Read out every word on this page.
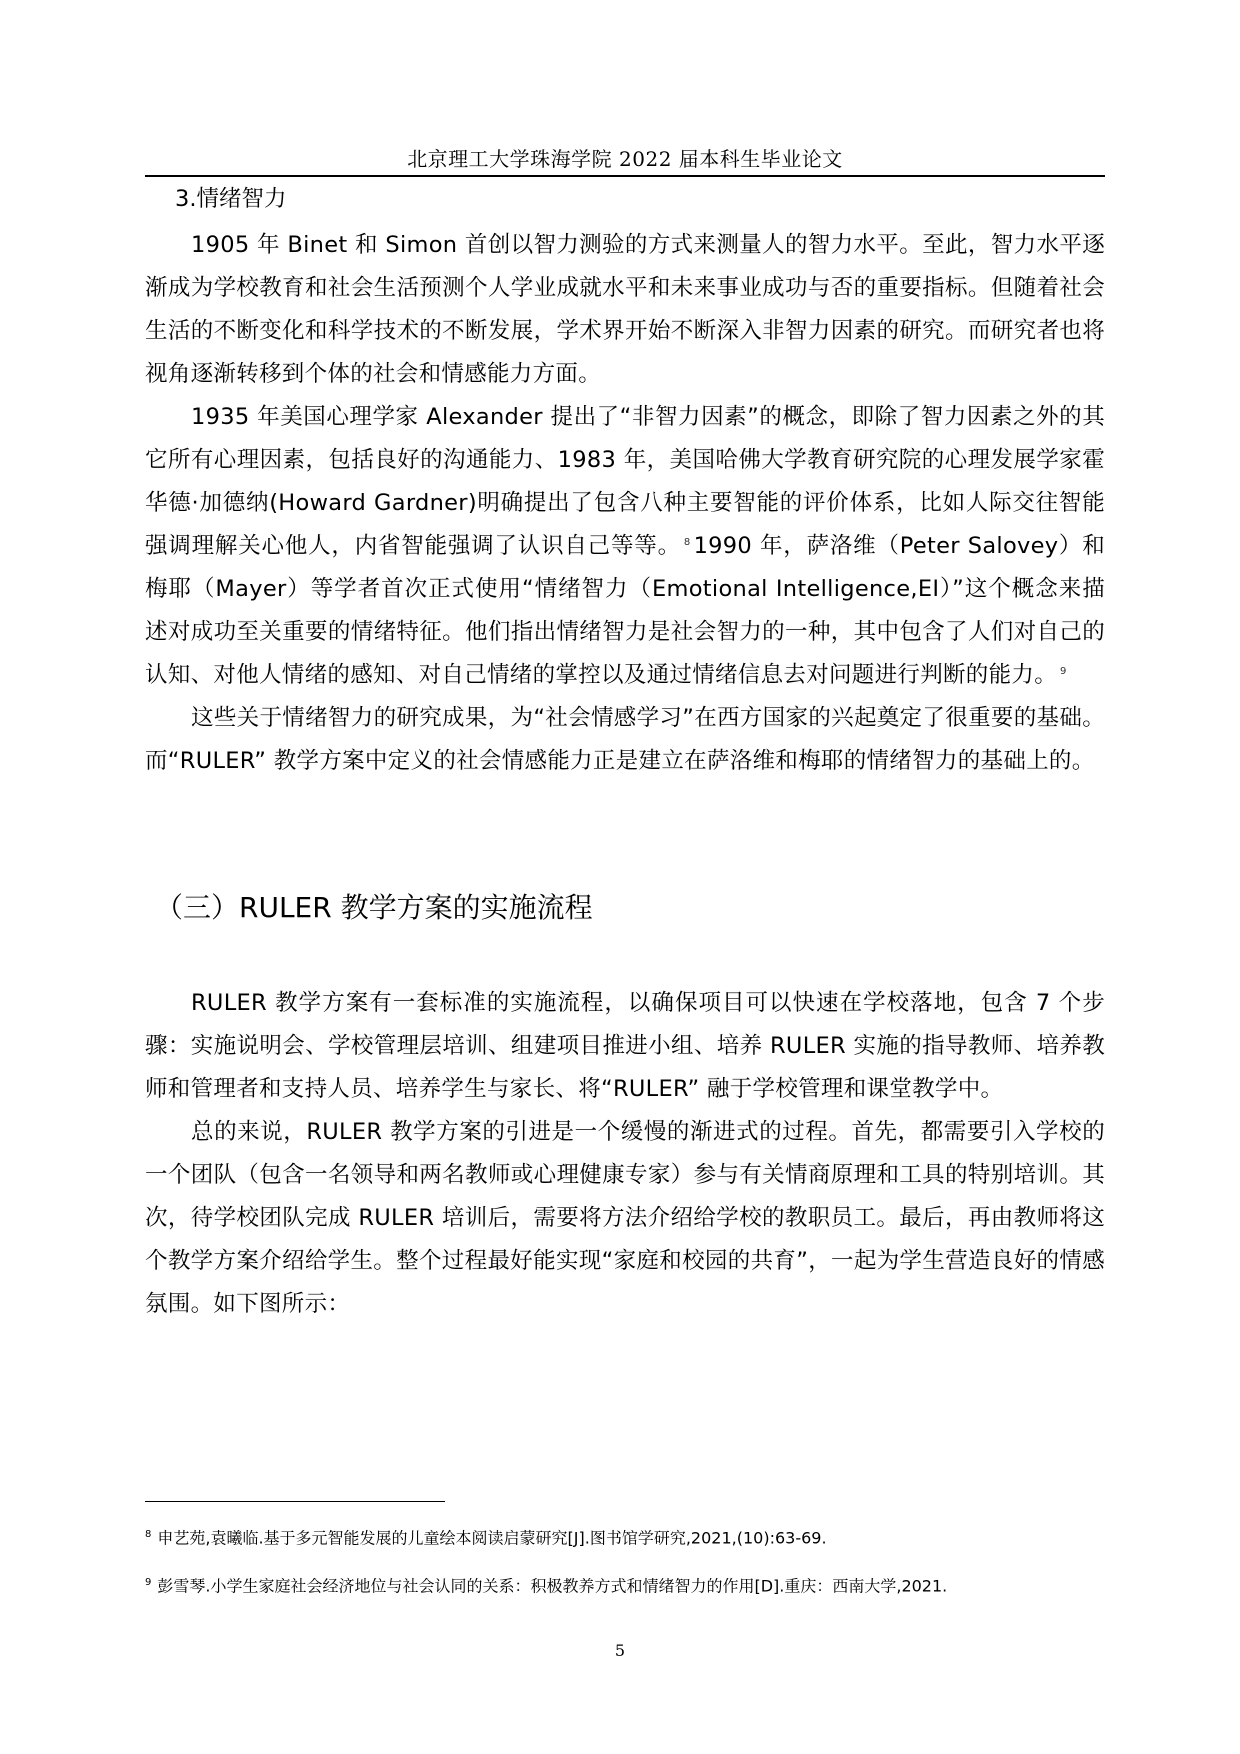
北京理工大学珠海学院 2022 届本科生毕业论文
3.情绪智力

1905 年 Binet 和 Simon 首创以智力测验的方式来测量人的智力水平。至此，智力水平逐渐成为学校教育和社会生活预测个人学业成就水平和未来事业成功与否的重要指标。但随着社会生活的不断变化和科学技术的不断发展，学术界开始不断深入非智力因素的研究。而研究者也将视角逐渐转移到个体的社会和情感能力方面。

1935 年美国心理学家 Alexander 提出了“非智力因素”的概念，即除了智力因素之外的其它所有心理因素，包括良好的沟通能力、1983 年，美国哈佛大学教育研究院的心理发展学家霍华德·加德纳(Howard Gardner)明确提出了包含八种主要智能的评价体系，比如人际交往智能强调理解关心他人，内省智能强调了认识自己等等。 $^8$ 1990 年，萨洛维（Peter Salovey）和梅耶（Mayer）等学者首次正式使用“情绪智力（Emotional Intelligence,EI）”这个概念来描述对成功至关重要的情绪特征。他们指出情绪智力是社会智力的一种，其中包含了人们对自己的认知、对他人情绪的感知、对自己情绪的掌控以及通过情绪信息去对问题进行判断的能力。 $^9$

这些关于情绪智力的研究成果，为“社会情感学习”在西方国家的兴起奠定了很重要的基础。而“RULER” 教学方案中定义的社会情感能力正是建立在萨洛维和梅耶的情绪智力的基础上的。

（三）RULER 教学方案的实施流程

RULER 教学方案有一套标准的实施流程，以确保项目可以快速在学校落地，包含 7 个步骤：实施说明会、学校管理层培训、组建项目推进小组、培养 RULER 实施的指导教师、培养教师和管理者和支持人员、培养学生与家长、将“RULER” 融于学校管理和课堂教学中。

总的来说，RULER 教学方案的引进是一个缓慢的渐进式的过程。首先，都需要引入学校的一个团队（包含一名领导和两名教师或心理健康专家）参与有关情商原理和工具的特别培训。其次，待学校团队完成 RULER 培训后，需要将方法介绍给学校的教职员工。最后，再由教师将这个教学方案介绍给学生。整个过程最好能实现“家庭和校园的共育”，一起为学生营造良好的情感氛围。如下图所示：

$^8$ 申艺苑,袁曦临.基于多元智能发展的儿童绘本阅读启蒙研究[J].图书馆学研究,2021,(10):63-69.
$^9$ 彭雪琴.小学生家庭社会经济地位与社会认同的关系：积极教养方式和情绪智力的作用[D].重庆：西南大学,2021.
5
